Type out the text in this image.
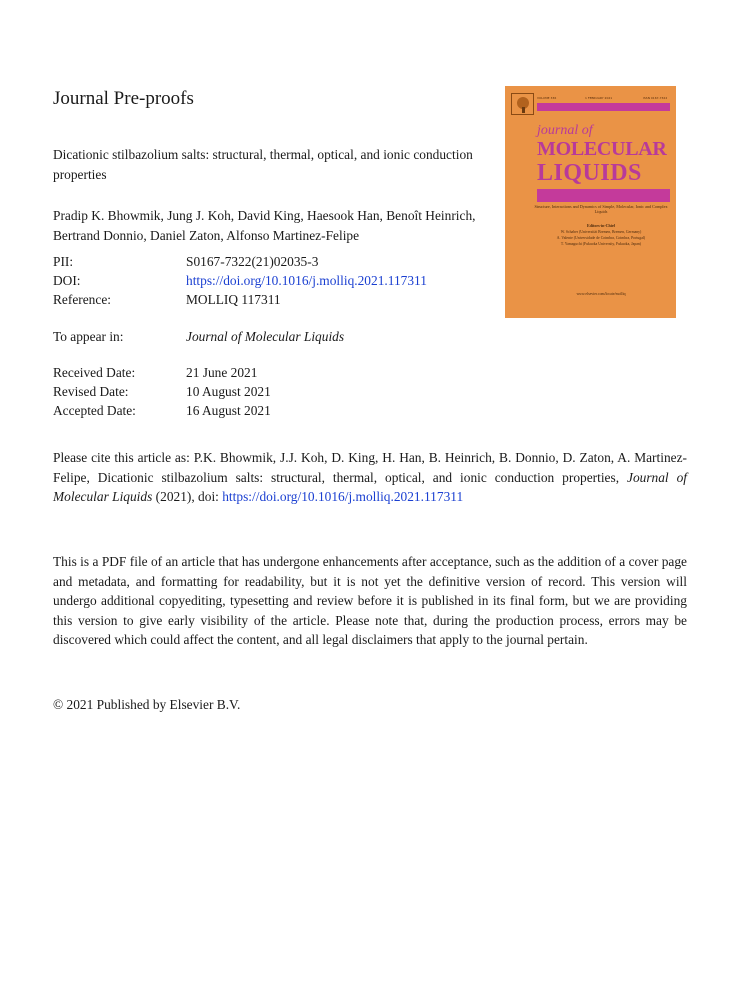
Journal Pre-proofs
Dicationic stilbazolium salts: structural, thermal, optical, and ionic conduction properties
Pradip K. Bhowmik, Jung J. Koh, David King, Haesook Han, Benoît Heinrich, Bertrand Donnio, Daniel Zaton, Alfonso Martinez-Felipe
PII:	S0167-7322(21)02035-3
DOI:	https://doi.org/10.1016/j.molliq.2021.117311
Reference:	MOLLIQ 117311
To appear in:	Journal of Molecular Liquids
Received Date:	21 June 2021
Revised Date:	10 August 2021
Accepted Date:	16 August 2021
Please cite this article as: P.K. Bhowmik, J.J. Koh, D. King, H. Han, B. Heinrich, B. Donnio, D. Zaton, A. Martinez-Felipe, Dicationic stilbazolium salts: structural, thermal, optical, and ionic conduction properties, Journal of Molecular Liquids (2021), doi: https://doi.org/10.1016/j.molliq.2021.117311
This is a PDF file of an article that has undergone enhancements after acceptance, such as the addition of a cover page and metadata, and formatting for readability, but it is not yet the definitive version of record. This version will undergo additional copyediting, typesetting and review before it is published in its final form, but we are providing this version to give early visibility of the article. Please note that, during the production process, errors may be discovered which could affect the content, and all legal disclaimers that apply to the journal pertain.
© 2021 Published by Elsevier B.V.
VOLUME 336	1 FEBRUARY 2021	ISSN 0167-7322
journal of
MOLECULAR
LIQUIDS
Structure, Interactions and Dynamics of Simple, Molecular, Ionic and Complex Liquids
Editors-in-Chief
W. Schaber (Universität Bremen, Bremen, Germany)
A. Valente (Universidade de Coimbra, Coimbra, Portugal)
T. Yamaguchi (Fukuoka University, Fukuoka, Japan)
www.elsevier.com/locate/molliq
